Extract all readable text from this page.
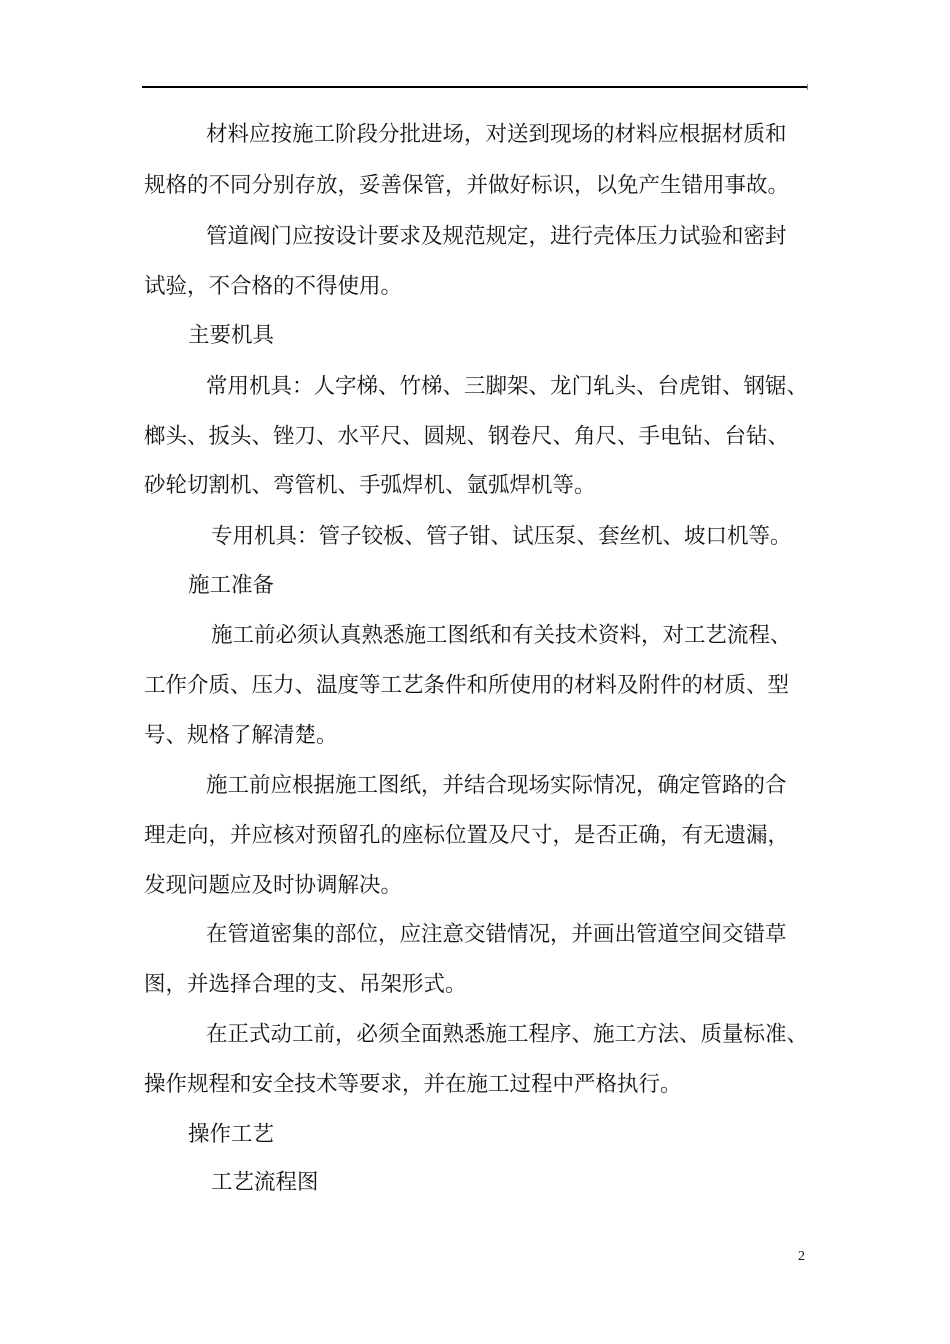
材料应按施工阶段分批进场，对送到现场的材料应根据材质和
规格的不同分别存放，妥善保管，并做好标识，以免产生错用事故。
管道阀门应按设计要求及规范规定，进行壳体压力试验和密封
试验，不合格的不得使用。
主要机具
常用机具：人字梯、竹梯、三脚架、龙门轧头、台虎钳、钢锯、
榔头、扳头、锉刀、水平尺、圆规、钢卷尺、角尺、手电钻、台钻、
砂轮切割机、弯管机、手弧焊机、氩弧焊机等。
专用机具：管子铰板、管子钳、试压泵、套丝机、坡口机等。
施工准备
施工前必须认真熟悉施工图纸和有关技术资料，对工艺流程、
工作介质、压力、温度等工艺条件和所使用的材料及附件的材质、型
号、规格了解清楚。
施工前应根据施工图纸，并结合现场实际情况，确定管路的合
理走向，并应核对预留孔的座标位置及尺寸，是否正确，有无遗漏，
发现问题应及时协调解决。
在管道密集的部位，应注意交错情况，并画出管道空间交错草
图，并选择合理的支、吊架形式。
在正式动工前，必须全面熟悉施工程序、施工方法、质量标准、
操作规程和安全技术等要求，并在施工过程中严格执行。
操作工艺
工艺流程图
2
